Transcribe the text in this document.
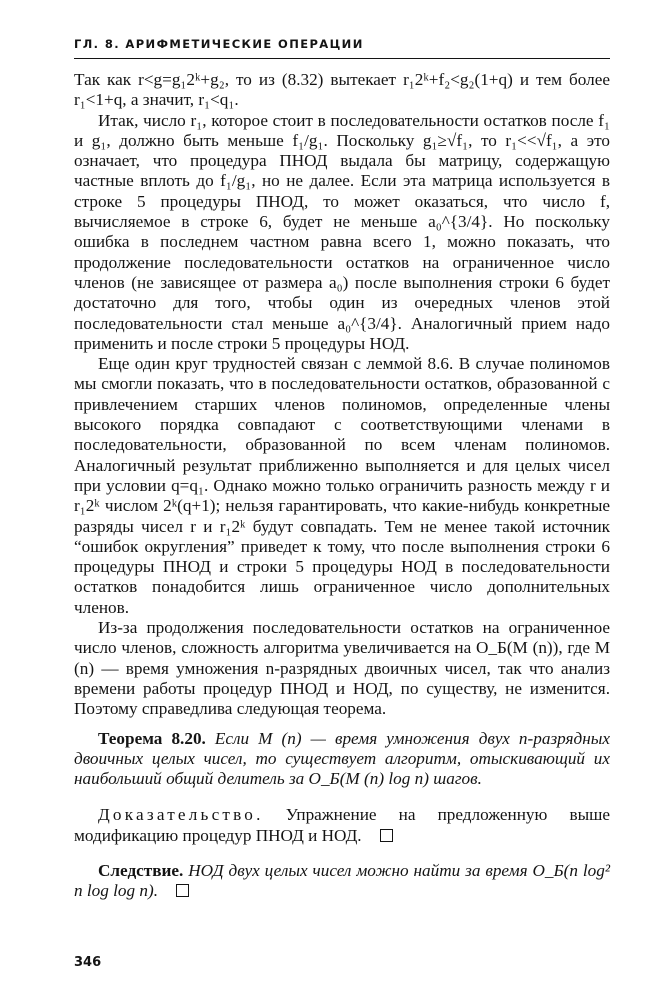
ГЛ. 8. АРИФМЕТИЧЕСКИЕ ОПЕРАЦИИ

Так как r<g=g₁2ᵏ+g₂, то из (8.32) вытекает r₁2ᵏ+f₂<g₂(1+q) и тем более r₁<1+q, а значит, r₁<q₁.

Итак, число r₁, которое стоит в последовательности остатков после f₁ и g₁, должно быть меньше f₁/g₁. Поскольку g₁≥√f₁, то r₁<<√f₁, а это означает, что процедура ПНОД выдала бы матрицу, содержащую частные вплоть до f₁/g₁, но не далее. Если эта матрица используется в строке 5 процедуры ПНОД, то может оказаться, что число f, вычисляемое в строке 6, будет не меньше a₀^{3/4}. Но поскольку ошибка в последнем частном равна всего 1, можно показать, что продолжение последовательности остатков на ограниченное число членов (не зависящее от размера a₀) после выполнения строки 6 будет достаточно для того, чтобы один из очередных членов этой последовательности стал меньше a₀^{3/4}. Аналогичный прием надо применить и после строки 5 процедуры НОД.

Еще один круг трудностей связан с леммой 8.6. В случае полиномов мы смогли показать, что в последовательности остатков, образованной с привлечением старших членов полиномов, определенные члены высокого порядка совпадают с соответствующими членами в последовательности, образованной по всем членам полиномов. Аналогичный результат приближенно выполняется и для целых чисел при условии q=q₁. Однако можно только ограничить разность между r и r₁2ᵏ числом 2ᵏ(q+1); нельзя гарантировать, что какие-нибудь конкретные разряды чисел r и r₁2ᵏ будут совпадать. Тем не менее такой источник “ошибок округления” приведет к тому, что после выполнения строки 6 процедуры ПНОД и строки 5 процедуры НОД в последовательности остатков понадобится лишь ограниченное число дополнительных членов.

Из-за продолжения последовательности остатков на ограниченное число членов, сложность алгоритма увеличивается на O_Б(M (n)), где M (n) — время умножения n-разрядных двоичных чисел, так что анализ времени работы процедур ПНОД и НОД, по существу, не изменится. Поэтому справедлива следующая теорема.

Теорема 8.20. Если M (n) — время умножения двух n-разрядных двоичных целых чисел, то существует алгоритм, отыскивающий их наибольший общий делитель за O_Б(M (n) log n) шагов.

Доказательство. Упражнение на предложенную выше модификацию процедур ПНОД и НОД.

Следствие. НОД двух целых чисел можно найти за время O_Б(n log² n log log n).

346
